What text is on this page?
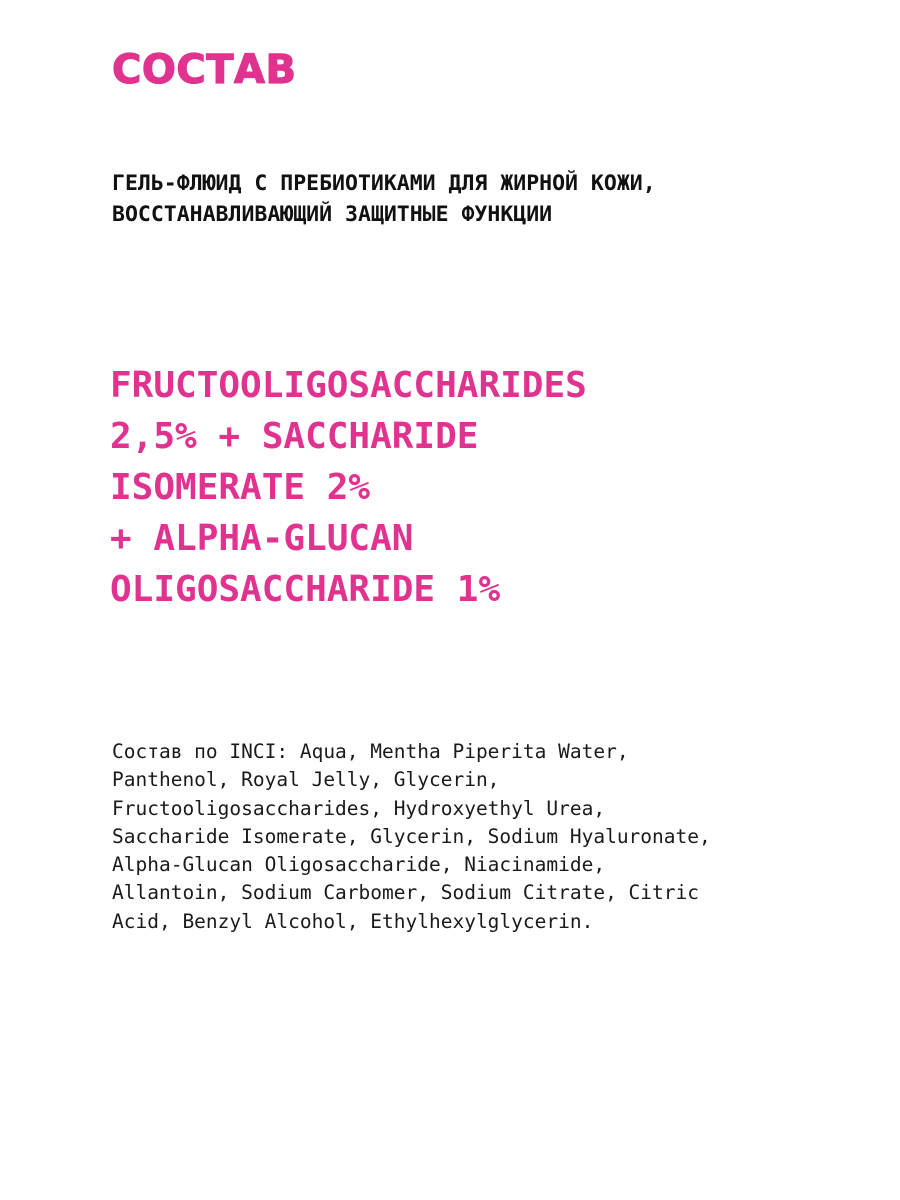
СОСТАВ
ГЕЛЬ-ФЛЮИД С ПРЕБИОТИКАМИ ДЛЯ ЖИРНОЙ КОЖИ,
ВОССТАНАВЛИВАЮЩИЙ ЗАЩИТНЫЕ ФУНКЦИИ
FRUCTOOLIGOSACCHARIDES
2,5% + SACCHARIDE
ISOMERATE 2%
+ ALPHA-GLUCAN
OLIGOSACCHARIDE 1%
Состав по INCI: Aqua, Mentha Piperita Water,
Panthenol, Royal Jelly, Glycerin,
Fructooligosaccharides, Hydroxyethyl Urea,
Saccharide Isomerate, Glycerin, Sodium Hyaluronate,
Alpha-Glucan Oligosaccharide, Niacinamide,
Allantoin, Sodium Carbomer, Sodium Citrate, Citric
Acid, Benzyl Alcohol, Ethylhexylglycerin.
